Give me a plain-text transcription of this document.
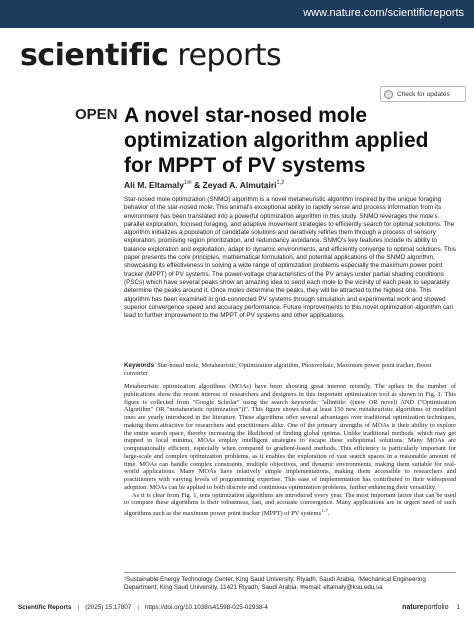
www.nature.com/scientificreports
scientific reports
Check for updates
OPEN A novel star-nosed mole optimization algorithm applied for MPPT of PV systems
Ali M. Eltamaly$^{1✉}$ & Zeyad A. Almutairi$^{1,2}$

Star-nosed mole optimization (SNMO) algorithm is a novel metaheuristic algorithm inspired by the unique foraging behavior of the star-nosed mole. This animal's exceptional ability to rapidly sense and process information from its environment has been translated into a powerful optimization algorithm in this study. SNMO leverages the mole's parallel exploration, focused foraging, and adaptive movement strategies to efficiently search for optimal solutions. The algorithm initializes a population of candidate solutions and iteratively refines them through a process of sensory exploration, promising region prioritization, and redundancy avoidance. SNMO's key features include its ability to balance exploration and exploitation, adapt to dynamic environments, and efficiently converge to optimal solutions. This paper presents the core principles, mathematical formulation, and potential applications of the SNMO algorithm, showcasing its effectiveness in solving a wide range of optimization problems especially the maximum power point tracker (MPPT) of PV systems. The power-voltage characteristics of the PV arrays under partial shading conditions (PSCs) which have several peaks show an amazing idea to send each mole to the vicinity of each peak to separately determine the peaks around it. Once moles determine the peaks, they will be attracted to the highest one. This algorithm has been examined in grid-connected PV systems through simulation and experimental work and showed superior convergence speed and accuracy performance. Future improvements to this novel optimization algorithm can lead to further improvement to the MPPT of PV systems and other applications.

Keywords Star-nosed mole, Metaheuristic, Optimization algorithm, Photovoltaic, Maximum power point tracker, Boost converter

Metaheuristic optimization algorithms (MOAs) have been showing great interest recently. The spikes in the number of publications show the recent interest of researchers and designers in this important optimization tool as shown in Fig. 1. This figure is collected from "Google Scholar" using the search keywords: "allintitle: ((new OR novel) AND ("Optimization Algorithm" OR "metaheuristic optimization"))". This figure shows that at least 150 new metaheuristic algorithms or modified ones are yearly introduced in the literature. These algorithms offer several advantages over traditional optimization techniques, making them attractive for researchers and practitioners alike. One of the primary strengths of MOAs is their ability to explore the entire search space, thereby increasing the likelihood of finding global optima. Unlike traditional methods, which may get trapped in local minima, MOAs employ intelligent strategies to escape these suboptimal solutions. Many MOAs are computationally efficient, especially when compared to gradient-based methods. This efficiency is particularly important for large-scale and complex optimization problems, as it enables the exploration of vast search spaces in a reasonable amount of time. MOAs can handle complex constraints, multiple objectives, and dynamic environments, making them suitable for real-world applications. Many MOAs have relatively simple implementations, making them accessible to researchers and practitioners with varying levels of programming expertise. This ease of implementation has contributed to their widespread adoption. MOAs can be applied to both discrete and continuous optimization problems, further enhancing their versatility.

As it is clear from Fig. 1, tens optimization algorithms are introduced every year. The most important factor that can be used to compare these algorithms is their robustness, fast, and accurate convergence. Many applications are in urgent need of such algorithms such as the maximum power point tracker (MPPT) of PV systems$^{1-7}$.

¹Sustainable Energy Technology Center, King Saud University, Riyadh, Saudi Arabia. ²Mechanical Engineering Department, King Saud University, 11421 Riyadh, Saudi Arabia. ✉email: eltamaly@ksu.edu.sa
Scientific Reports | (2025) 15:17807 | https://doi.org/10.1038/s41598-025-02938-4	natureportfolio 1
